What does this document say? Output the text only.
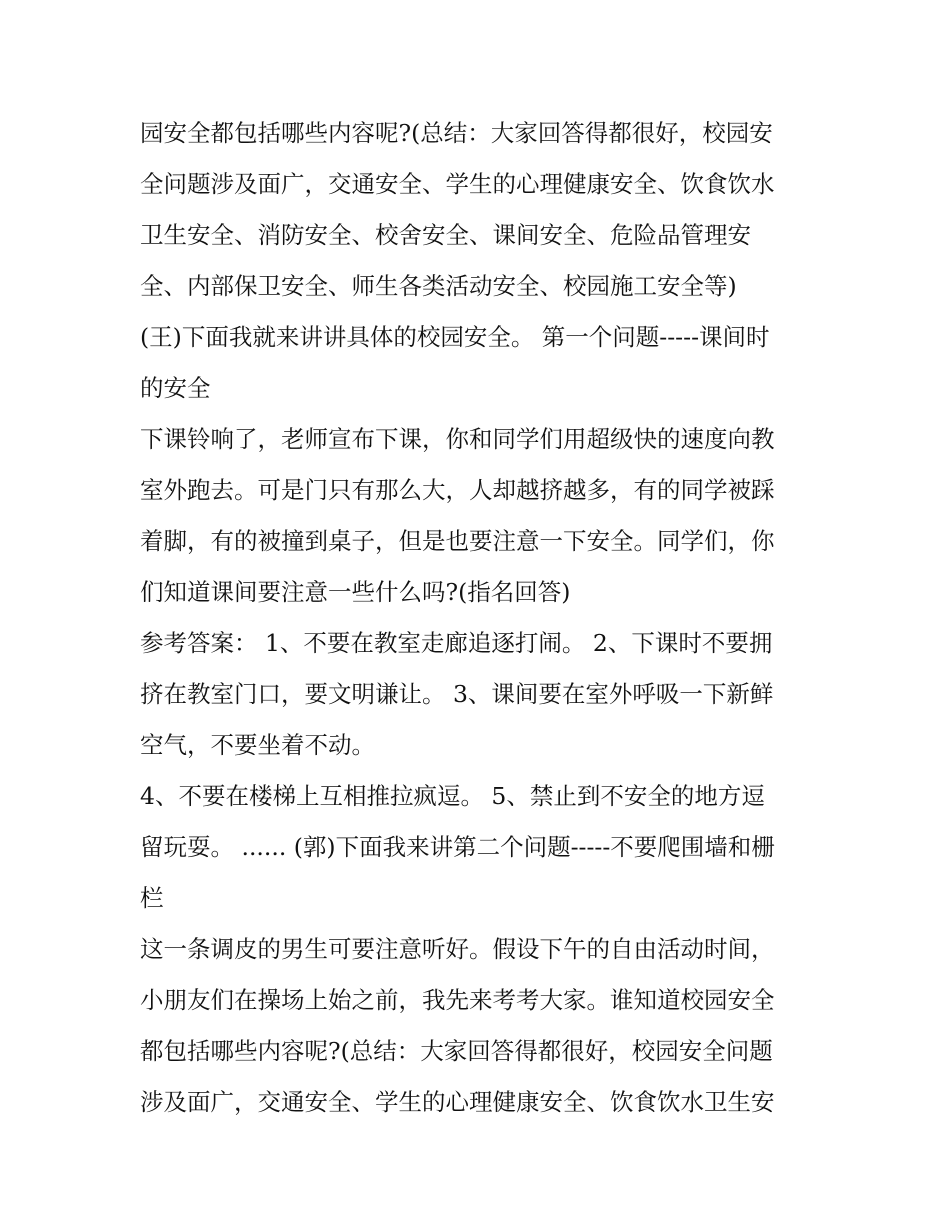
园安全都包括哪些内容呢?(总结：大家回答得都很好，校园安
全问题涉及面广，交通安全、学生的心理健康安全、饮食饮水
卫生安全、消防安全、校舍安全、课间安全、危险品管理安
全、内部保卫安全、师生各类活动安全、校园施工安全等)
(王)下面我就来讲讲具体的校园安全。 第一个问题-----课间时
的安全
下课铃响了，老师宣布下课，你和同学们用超级快的速度向教
室外跑去。可是门只有那么大，人却越挤越多，有的同学被踩
着脚，有的被撞到桌子，但是也要注意一下安全。同学们，你
们知道课间要注意一些什么吗?(指名回答)
参考答案： 1、不要在教室走廊追逐打闹。 2、下课时不要拥
挤在教室门口，要文明谦让。 3、课间要在室外呼吸一下新鲜
空气，不要坐着不动。
4、不要在楼梯上互相推拉疯逗。 5、禁止到不安全的地方逗
留玩耍。 ...... (郭)下面我来讲第二个问题-----不要爬围墙和栅
栏
这一条调皮的男生可要注意听好。假设下午的自由活动时间，
小朋友们在操场上始之前，我先来考考大家。谁知道校园安全
都包括哪些内容呢?(总结：大家回答得都很好，校园安全问题
涉及面广，交通安全、学生的心理健康安全、饮食饮水卫生安
